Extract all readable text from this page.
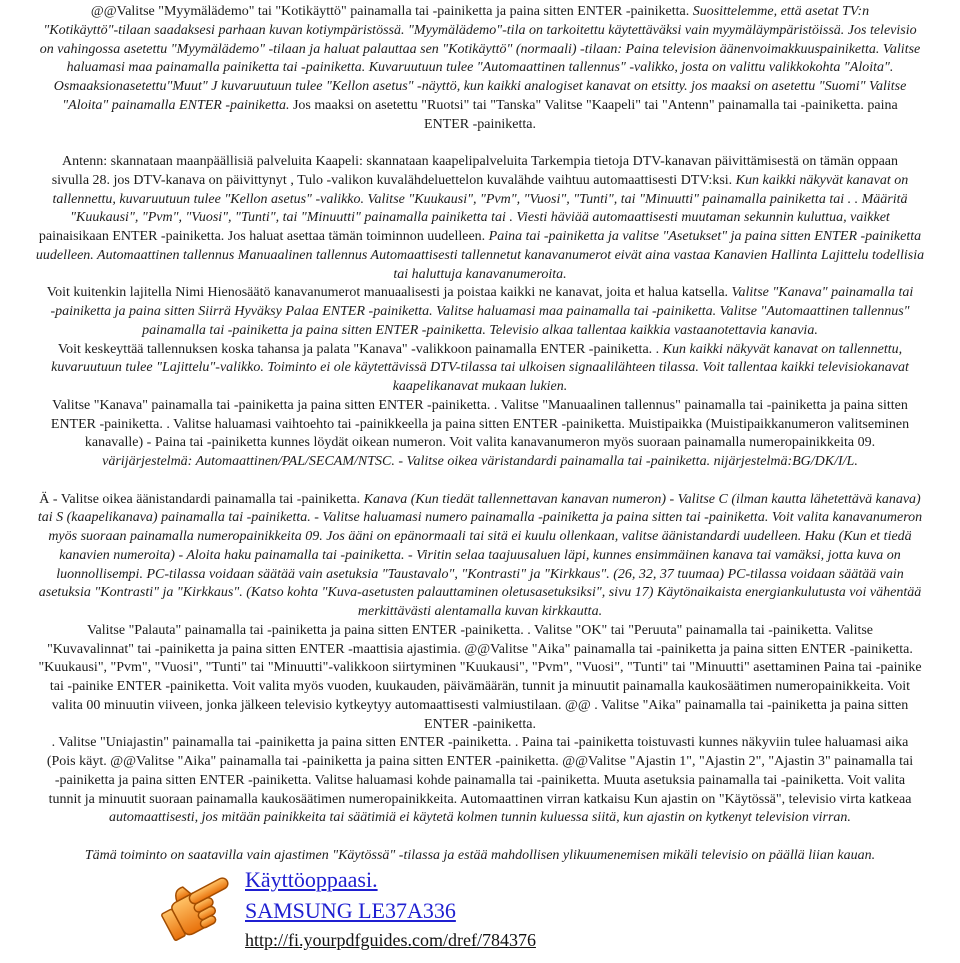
@@Valitse "Myymälädemo" tai "Kotikäyttö" painamalla tai -painiketta ja paina sitten ENTER -painiketta. Suosittelemme, että asetat TV:n
"Kotikäyttö"-tilaan saadaksesi parhaan kuvan kotiympäristössä. "Myymälädemo"-tila on tarkoitettu käytettäväksi vain myymäläympäristöissä. Jos televisio
on vahingossa asetettu "Myymälädemo" -tilaan ja haluat palauttaa sen "Kotikäyttö" (normaali) -tilaan: Paina television äänenvoimakkuuspainiketta. Valitse
haluamasi maa painamalla painiketta tai -painiketta. Kuvaruutuun tulee "Automaattinen tallennus" -valikko, josta on valittu valikkokohta "Aloita".
Osmaaksionasetettu"Muut" J kuvaruutuun tulee "Kellon asetus" -näyttö, kun kaikki analogiset kanavat on etsitty. jos maaksi on asetettu "Suomi" Valitse
"Aloita" painamalla ENTER -painiketta. Jos maaksi on asetettu "Ruotsi" tai "Tanska" Valitse "Kaapeli" tai "Antenn" painamalla tai -painiketta. paina
ENTER -painiketta.
Antenn: skannataan maanpäällisiä palveluita Kaapeli: skannataan kaapelipalveluita Tarkempia tietoja DTV-kanavan päivittämisestä on tämän oppaan
sivulla 28. jos DTV-kanava on päivittynyt , Tulo -valikon kuvalähdeluettelon kuvalähde vaihtuu automaattisesti DTV:ksi. Kun kaikki näkyvät kanavat on
tallennettu, kuvaruutuun tulee "Kellon asetus" -valikko. Valitse "Kuukausi", "Pvm", "Vuosi", "Tunti", tai "Minuutti" painamalla painiketta tai . . Määritä
"Kuukausi", "Pvm", "Vuosi", "Tunti", tai "Minuutti" painamalla painiketta tai . Viesti häviää automaattisesti muutaman sekunnin kuluttua, vaikket
painaisikaan ENTER -painiketta. Jos haluat asettaa tämän toiminnon uudelleen. Paina tai -painiketta ja valitse "Asetukset" ja paina sitten ENTER -painiketta
uudelleen. Automaattinen tallennus Manuaalinen tallennus Automaattisesti tallennetut kanavanumerot eivät aina vastaa Kanavien Hallinta Lajittelu todellisia
tai haluttuja kanavanumeroita.
Voit kuitenkin lajitella Nimi Hienosäätö kanavanumerot manuaalisesti ja poistaa kaikki ne kanavat, joita et halua katsella. Valitse "Kanava" painamalla tai
-painiketta ja paina sitten Siirrä Hyväksy Palaa ENTER -painiketta. Valitse haluamasi maa painamalla tai -painiketta. Valitse "Automaattinen tallennus"
painamalla tai -painiketta ja paina sitten ENTER -painiketta. Televisio alkaa tallentaa kaikkia vastaanotettavia kanavia.
Voit keskeyttää tallennuksen koska tahansa ja palata "Kanava" -valikkoon painamalla ENTER -painiketta. . Kun kaikki näkyvät kanavat on tallennettu,
kuvaruutuun tulee "Lajittelu"-valikko. Toiminto ei ole käytettävissä DTV-tilassa tai ulkoisen signaalilähteen tilassa. Voit tallentaa kaikki televisiokanavat
kaapelikanavat mukaan lukien.
Valitse "Kanava" painamalla tai -painiketta ja paina sitten ENTER -painiketta. . Valitse "Manuaalinen tallennus" painamalla tai -painiketta ja paina sitten
ENTER -painiketta. . Valitse haluamasi vaihtoehto tai -painikkeella ja paina sitten ENTER -painiketta. Muistipaikka (Muistipaikkanumeron valitseminen
kanavalle) - Paina tai -painiketta kunnes löydät oikean numeron. Voit valita kanavanumeron myös suoraan painamalla numeropainikkeita 09.
värijärjestelmä: Automaattinen/PAL/SECAM/NTSC. - Valitse oikea väristandardi painamalla tai -painiketta. nijärjestelmä:BG/DK/I/L.
Ä - Valitse oikea äänistandardi painamalla tai -painiketta. Kanava (Kun tiedät tallennettavan kanavan numeron) - Valitse C (ilman kautta lähetettävä kanava)
tai S (kaapelikanava) painamalla tai -painiketta. - Valitse haluamasi numero painamalla -painiketta ja paina sitten tai -painiketta. Voit valita kanavanumeron
myös suoraan painamalla numeropainikkeita 09. Jos ääni on epänormaali tai sitä ei kuulu ollenkaan, valitse äänistandardi uudelleen. Haku (Kun et tiedä
kanavien numeroita) - Aloita haku painamalla tai -painiketta. - Viritin selaa taajuusaluen läpi, kunnes ensimmäinen kanava tai vamäksi, jotta kuva on
luonnollisempi. PC-tilassa voidaan säätää vain asetuksia "Taustavalo", "Kontrasti" ja "Kirkkaus". (26, 32, 37 tuumaa) PC-tilassa voidaan säätää vain
asetuksia "Kontrasti" ja "Kirkkaus". (Katso kohta "Kuva-asetusten palauttaminen oletusasetuksiksi", sivu 17) Käytönaikaista energiankulutusta voi vähentää
merkittävästi alentamalla kuvan kirkkautta.
Valitse "Palauta" painamalla tai -painiketta ja paina sitten ENTER -painiketta. . Valitse "OK" tai "Peruuta" painamalla tai -painiketta. Valitse
"Kuvavalinnat" tai -painiketta ja paina sitten ENTER -maattisia ajastimia. @@Valitse "Aika" painamalla tai -painiketta ja paina sitten ENTER -painiketta.
"Kuukausi", "Pvm", "Vuosi", "Tunti" tai "Minuutti"-valikkoon siirtyminen "Kuukausi", "Pvm", "Vuosi", "Tunti" tai "Minuutti" asettaminen Paina tai -painike
tai -painike ENTER -painiketta. Voit valita myös vuoden, kuukauden, päivämäärän, tunnit ja minuutit painamalla kaukosäätimen numeropainikkeita. Voit
valita 00 minuutin viiveen, jonka jälkeen televisio kytkeytyy automaattisesti valmiustilaan. @@ . Valitse "Aika" painamalla tai -painiketta ja paina sitten
ENTER -painiketta.
. Valitse "Uniajastin" painamalla tai -painiketta ja paina sitten ENTER -painiketta. . Paina tai -painiketta toistuvasti kunnes näkyviin tulee haluamasi aika
(Pois käyt. @@Valitse "Aika" painamalla tai -painiketta ja paina sitten ENTER -painiketta. @@Valitse "Ajastin 1", "Ajastin 2", "Ajastin 3" painamalla tai
-painiketta ja paina sitten ENTER -painiketta. Valitse haluamasi kohde painamalla tai -painiketta. Muuta asetuksia painamalla tai -painiketta. Voit valita
tunnit ja minuutit suoraan painamalla kaukosäätimen numeropainikkeita. Automaattinen virran katkaisu Kun ajastin on "Käytössä", televisio virta katkeaa
automaattisesti, jos mitään painikkeita tai säätimiä ei käytetä kolmen tunnin kuluessa siitä, kun ajastin on kytkenyt television virran.
Tämä toiminto on saatavilla vain ajastimen "Käytössä" -tilassa ja estää mahdollisen ylikuumenemisen mikäli televisio on päällä liian kauan.
Käyttöoppaasi.
SAMSUNG LE37A336
http://fi.yourpdfguides.com/dref/784376
